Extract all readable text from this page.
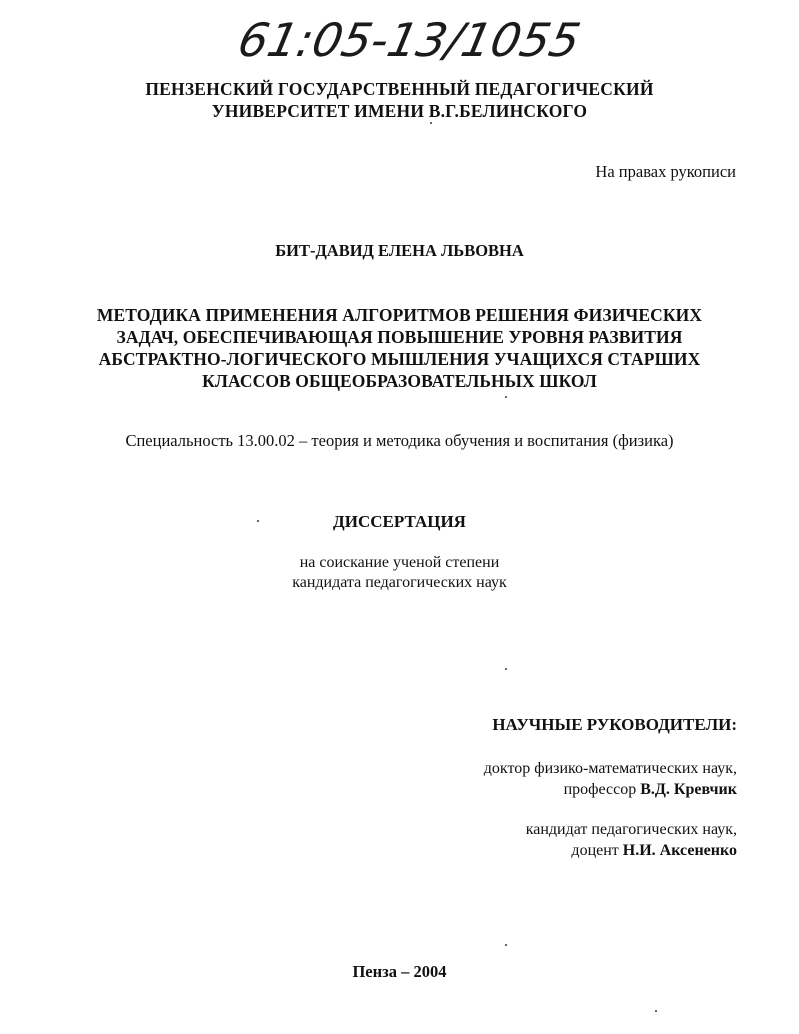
61:05-13/1055
ПЕНЗЕНСКИЙ ГОСУДАРСТВЕННЫЙ ПЕДАГОГИЧЕСКИЙ
УНИВЕРСИТЕТ ИМЕНИ В.Г.БЕЛИНСКОГО
На правах рукописи
БИТ-ДАВИД ЕЛЕНА ЛЬВОВНА
МЕТОДИКА ПРИМЕНЕНИЯ АЛГОРИТМОВ РЕШЕНИЯ ФИЗИЧЕСКИХ
ЗАДАЧ, ОБЕСПЕЧИВАЮЩАЯ ПОВЫШЕНИЕ УРОВНЯ РАЗВИТИЯ
АБСТРАКТНО-ЛОГИЧЕСКОГО МЫШЛЕНИЯ УЧАЩИХСЯ СТАРШИХ
КЛАССОВ ОБЩЕОБРАЗОВАТЕЛЬНЫХ ШКОЛ
Специальность 13.00.02 – теория и методика обучения и воспитания (физика)
ДИССЕРТАЦИЯ
на соискание ученой степени
кандидата педагогических наук
НАУЧНЫЕ РУКОВОДИТЕЛИ:
доктор физико-математических наук,
профессор В.Д. Кревчик
кандидат педагогических наук,
доцент Н.И. Аксененко
Пенза – 2004
